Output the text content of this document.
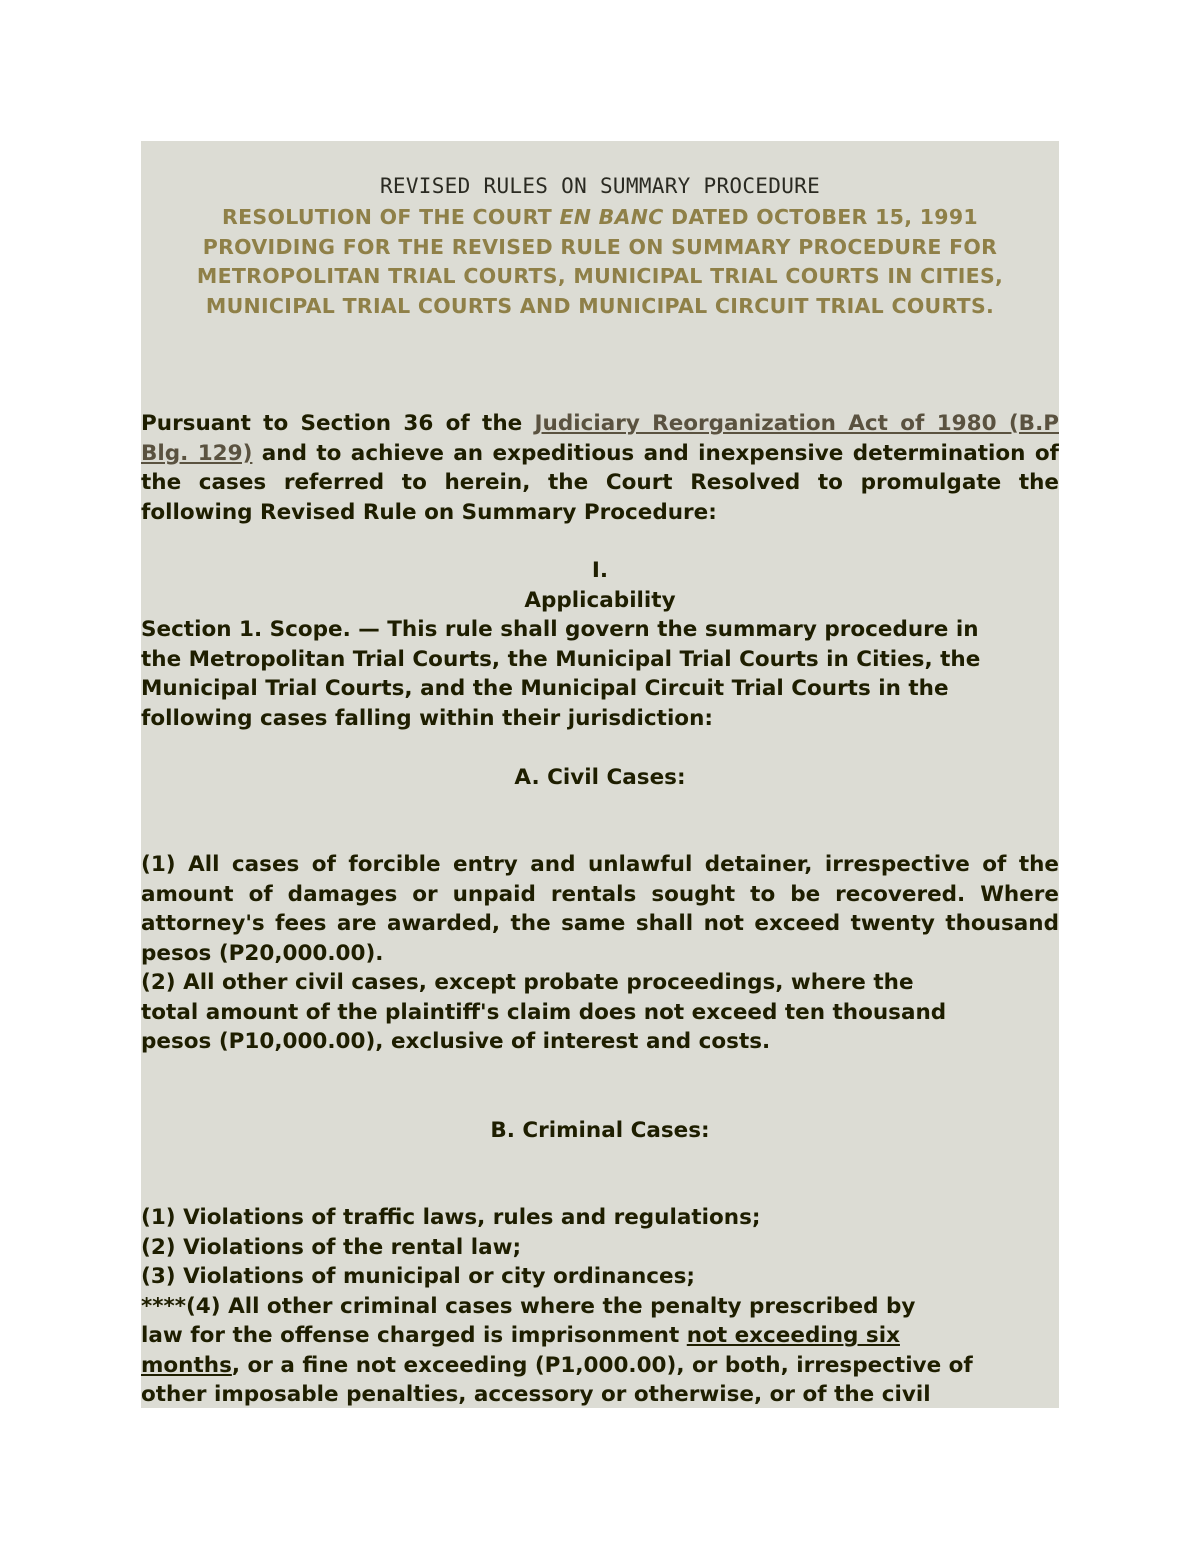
REVISED RULES ON SUMMARY PROCEDURE
RESOLUTION OF THE COURT EN BANC DATED OCTOBER 15, 1991
PROVIDING FOR THE REVISED RULE ON SUMMARY PROCEDURE FOR METROPOLITAN TRIAL COURTS, MUNICIPAL TRIAL COURTS IN CITIES, MUNICIPAL TRIAL COURTS AND MUNICIPAL CIRCUIT TRIAL COURTS.
Pursuant to Section 36 of the Judiciary Reorganization Act of 1980 (B.P Blg. 129) and to achieve an expeditious and inexpensive determination of the cases referred to herein, the Court Resolved to promulgate the following Revised Rule on Summary Procedure:
I.
Applicability
Section 1. Scope. — This rule shall govern the summary procedure in
the Metropolitan Trial Courts, the Municipal Trial Courts in Cities, the
Municipal Trial Courts, and the Municipal Circuit Trial Courts in the
following cases falling within their jurisdiction:
A. Civil Cases:
(1) All cases of forcible entry and unlawful detainer, irrespective of the amount of damages or unpaid rentals sought to be recovered. Where attorney's fees are awarded, the same shall not exceed twenty thousand pesos (P20,000.00).
(2) All other civil cases, except probate proceedings, where the
total amount of the plaintiff's claim does not exceed ten thousand
pesos (P10,000.00), exclusive of interest and costs.
B. Criminal Cases:
(1) Violations of traffic laws, rules and regulations;
(2) Violations of the rental law;
(3) Violations of municipal or city ordinances;
****(4) All other criminal cases where the penalty prescribed by
law for the offense charged is imprisonment not exceeding six
months, or a fine not exceeding (P1,000.00), or both, irrespective of
other imposable penalties, accessory or otherwise, or of the civil
